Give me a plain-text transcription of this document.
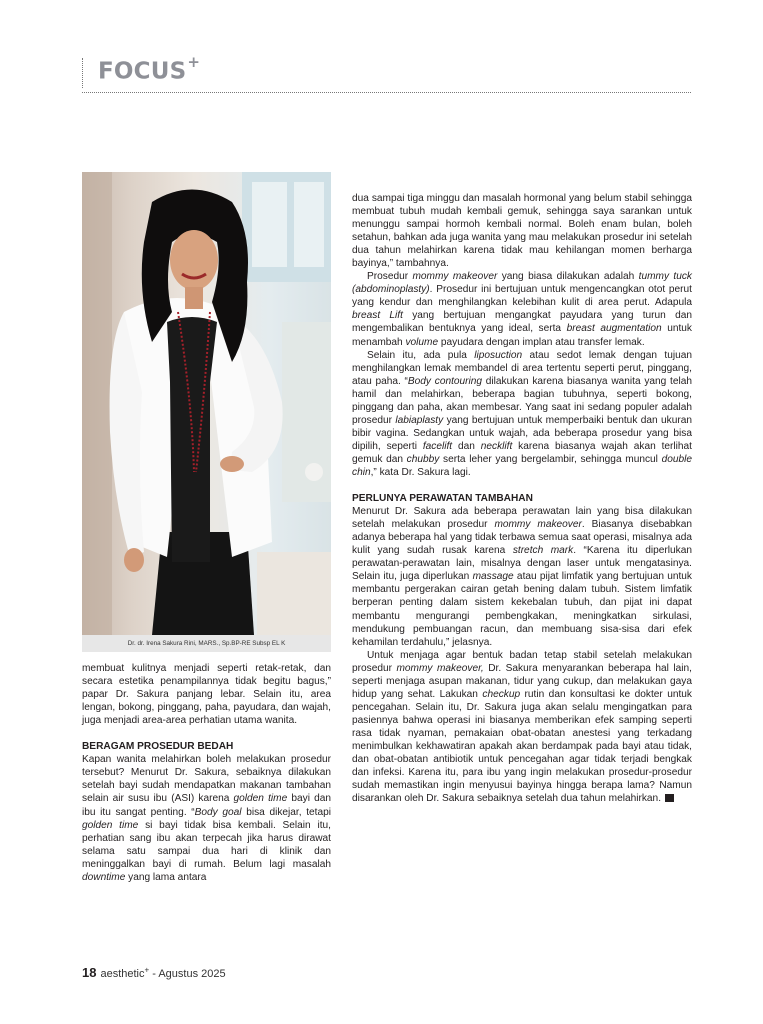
FOCUS+
Dr. dr. Irena Sakura Rini, MARS., Sp.BP-RE Subsp EL K

membuat kulitnya menjadi seperti retak-retak, dan secara estetika penampilannya tidak begitu bagus,” papar Dr. Sakura panjang lebar. Selain itu, area lengan, bokong, pinggang, paha, payudara, dan wajah, juga menjadi area-area perhatian utama wanita.

BERAGAM PROSEDUR BEDAH

Kapan wanita melahirkan boleh melakukan prosedur tersebut? Menurut Dr. Sakura, sebaiknya dilakukan setelah bayi sudah mendapatkan makanan tambahan selain air susu ibu (ASI) karena golden time bayi dan ibu itu sangat penting. “Body goal bisa dikejar, tetapi golden time si bayi tidak bisa kembali. Selain itu, perhatian sang ibu akan terpecah jika harus dirawat selama satu sampai dua hari di klinik dan meninggalkan bayi di rumah. Belum lagi masalah downtime yang lama antara

dua sampai tiga minggu dan masalah hormonal yang belum stabil sehingga membuat tubuh mudah kembali gemuk, sehingga saya sarankan untuk menunggu sampai hormoh kembali normal. Boleh enam bulan, boleh setahun, bahkan ada juga wanita yang mau melakukan prosedur ini setelah dua tahun melahirkan karena tidak mau kehilangan momen berharga bayinya,” tambahnya.

Prosedur mommy makeover yang biasa dilakukan adalah tummy tuck (abdominoplasty). Prosedur ini bertujuan untuk mengencangkan otot perut yang kendur dan menghilangkan kelebihan kulit di area perut. Adapula breast Lift yang bertujuan mengangkat payudara yang turun dan mengembalikan bentuknya yang ideal, serta breast augmentation untuk menambah volume payudara dengan implan atau transfer lemak.

Selain itu, ada pula liposuction atau sedot lemak dengan tujuan menghilangkan lemak membandel di area tertentu seperti perut, pinggang, atau paha. “Body contouring dilakukan karena biasanya wanita yang telah hamil dan melahirkan, beberapa bagian tubuhnya, seperti bokong, pinggang dan paha, akan membesar. Yang saat ini sedang populer adalah prosedur labiaplasty yang bertujuan untuk memperbaiki bentuk dan ukuran bibir vagina. Sedangkan untuk wajah, ada beberapa prosedur yang bisa dipilih, seperti facelift dan necklift karena biasanya wajah akan terlihat gemuk dan chubby serta leher yang bergelambir, sehingga muncul double chin,” kata Dr. Sakura lagi.

PERLUNYA PERAWATAN TAMBAHAN

Menurut Dr. Sakura ada beberapa perawatan lain yang bisa dilakukan setelah melakukan prosedur mommy makeover. Biasanya disebabkan adanya beberapa hal yang tidak terbawa semua saat operasi, misalnya ada kulit yang sudah rusak karena stretch mark. “Karena itu diperlukan perawatan-perawatan lain, misalnya dengan laser untuk mengatasinya. Selain itu, juga diperlukan massage atau pijat limfatik yang bertujuan untuk membantu pergerakan cairan getah bening dalam tubuh. Sistem limfatik berperan penting dalam sistem kekebalan tubuh, dan pijat ini dapat membantu mengurangi pembengkakan, meningkatkan sirkulasi, mendukung pembuangan racun, dan membuang sisa-sisa dari efek kehamilan terdahulu,” jelasnya.

Untuk menjaga agar bentuk badan tetap stabil setelah melakukan prosedur mommy makeover, Dr. Sakura menyarankan beberapa hal lain, seperti menjaga asupan makanan, tidur yang cukup, dan melakukan gaya hidup yang sehat. Lakukan checkup rutin dan konsultasi ke dokter untuk pencegahan. Selain itu, Dr. Sakura juga akan selalu mengingatkan para pasiennya bahwa operasi ini biasanya memberikan efek samping seperti rasa tidak nyaman, pemakaian obat-obatan anestesi yang terkadang menimbulkan kekhawatiran apakah akan berdampak pada bayi atau tidak, dan obat-obatan antibiotik untuk pencegahan agar tidak terjadi bengkak dan infeksi. Karena itu, para ibu yang ingin melakukan prosedur-prosedur sudah memastikan ingin menyusui bayinya hingga berapa lama? Namun disarankan oleh Dr. Sakura sebaiknya setelah dua tahun melahirkan.	a+

18 aesthetic+ - Agustus 2025
